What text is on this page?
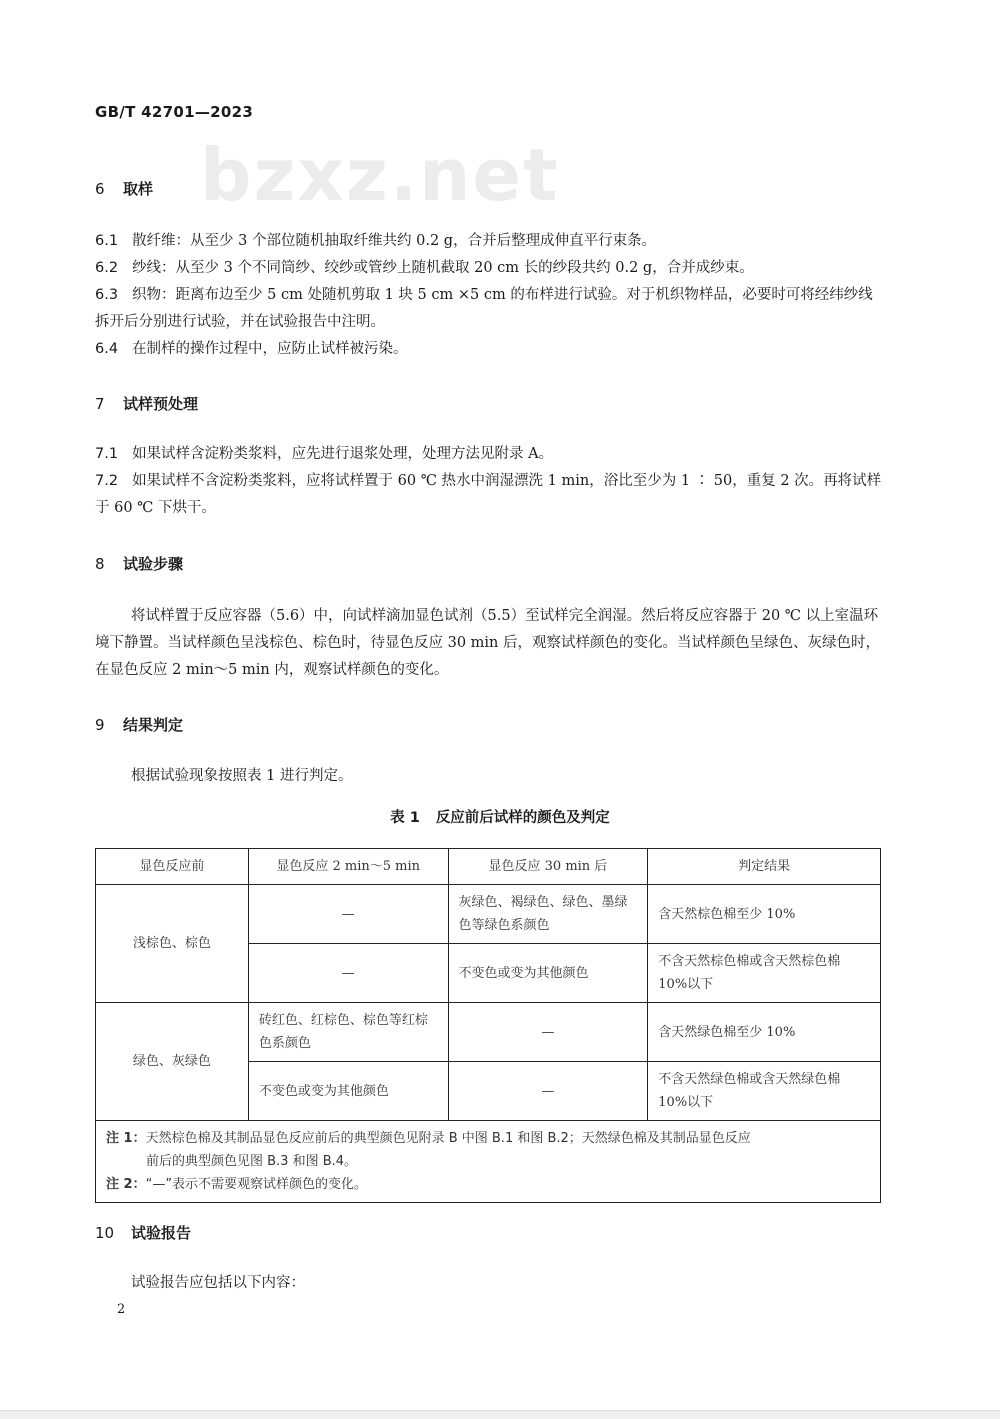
GB/T 42701—2023
bzxz.net
6 取样
6.1 散纤维：从至少 3 个部位随机抽取纤维共约 0.2 g，合并后整理成伸直平行束条。
6.2 纱线：从至少 3 个不同筒纱、绞纱或管纱上随机截取 20 cm 长的纱段共约 0.2 g，合并成纱束。
6.3 织物：距离布边至少 5 cm 处随机剪取 1 块 5 cm ×5 cm 的布样进行试验。对于机织物样品，必要时可将经纬纱线拆开后分别进行试验，并在试验报告中注明。
6.4 在制样的操作过程中，应防止试样被污染。
7 试样预处理
7.1 如果试样含淀粉类浆料，应先进行退浆处理，处理方法见附录 A。
7.2 如果试样不含淀粉类浆料，应将试样置于 60 ℃ 热水中润湿漂洗 1 min，浴比至少为 1 ∶ 50，重复 2 次。再将试样于 60 ℃ 下烘干。
8 试验步骤
将试样置于反应容器（5.6）中，向试样滴加显色试剂（5.5）至试样完全润湿。然后将反应容器于 20 ℃ 以上室温环境下静置。当试样颜色呈浅棕色、棕色时，待显色反应 30 min 后，观察试样颜色的变化。当试样颜色呈绿色、灰绿色时，在显色反应 2 min～5 min 内，观察试样颜色的变化。
9 结果判定
根据试验现象按照表 1 进行判定。
表 1 反应前后试样的颜色及判定
显色反应前	显色反应 2 min～5 min	显色反应 30 min 后	判定结果
浅棕色、棕色	—	灰绿色、褐绿色、绿色、墨绿色等绿色系颜色	含天然棕色棉至少 10%
	—	不变色或变为其他颜色	不含天然棕色棉或含天然棕色棉 10%以下
绿色、灰绿色	砖红色、红棕色、棕色等红棕色系颜色	—	含天然绿色棉至少 10%
	不变色或变为其他颜色	—	不含天然绿色棉或含天然绿色棉 10%以下

注 1：天然棕色棉及其制品显色反应前后的典型颜色见附录 B 中图 B.1 和图 B.2；天然绿色棉及其制品显色反应
前后的典型颜色见图 B.3 和图 B.4。
注 2：“—”表示不需要观察试样颜色的变化。			
10 试验报告
试验报告应包括以下内容：
2
